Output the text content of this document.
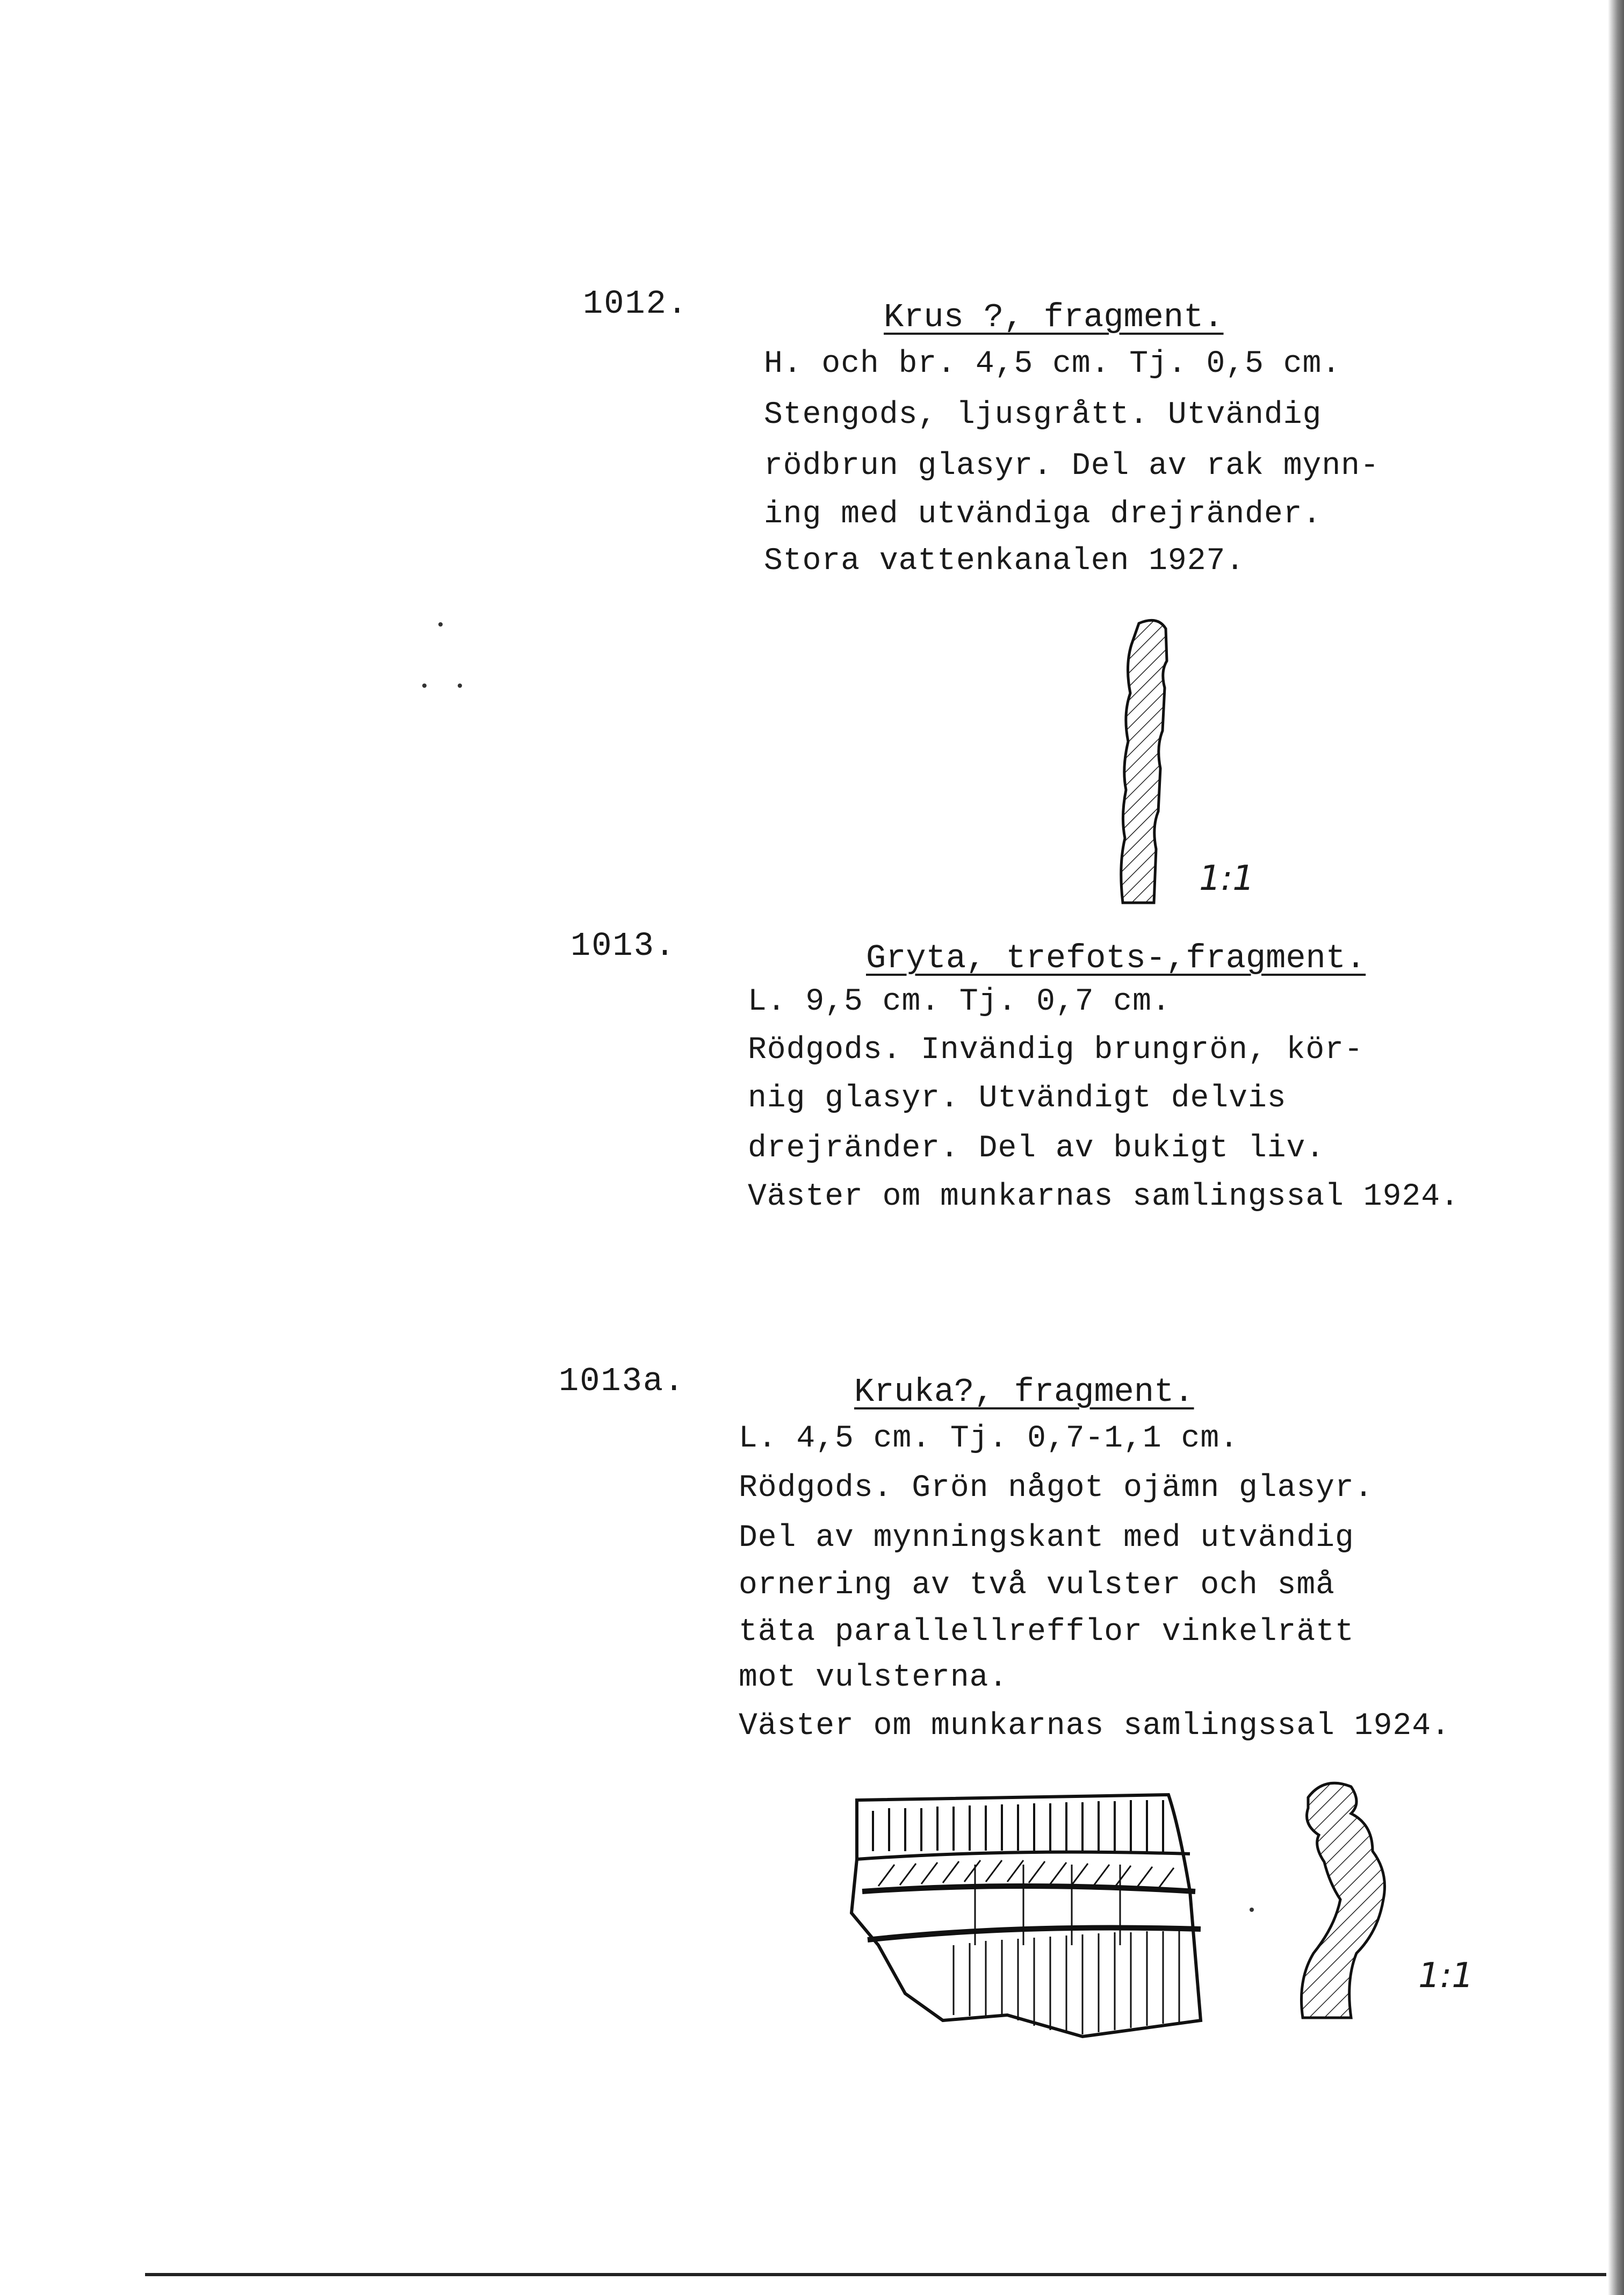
1012.	Krus ?, fragment.
H. och br. 4,5 cm. Tj. 0,5 cm.
Stengods, ljusgrått. Utvändig
rödbrun glasyr. Del av rak mynn-
ing med utvändiga drejränder.
Stora vattenkanalen 1927.
1:1
1013.	Gryta, trefots-,fragment.
L. 9,5 cm. Tj. 0,7 cm.
Rödgods. Invändig brungrön, kör-
nig glasyr. Utvändigt delvis
drejränder. Del av bukigt liv.
Väster om munkarnas samlingssal 1924.
1013a.	Kruka?, fragment.
L. 4,5 cm. Tj. 0,7-1,1 cm.
Rödgods. Grön något ojämn glasyr.
Del av mynningskant med utvändig
ornering av två vulster och små
täta parallellrefflor vinkelrätt
mot vulsterna.
Väster om munkarnas samlingssal 1924.
1:1
